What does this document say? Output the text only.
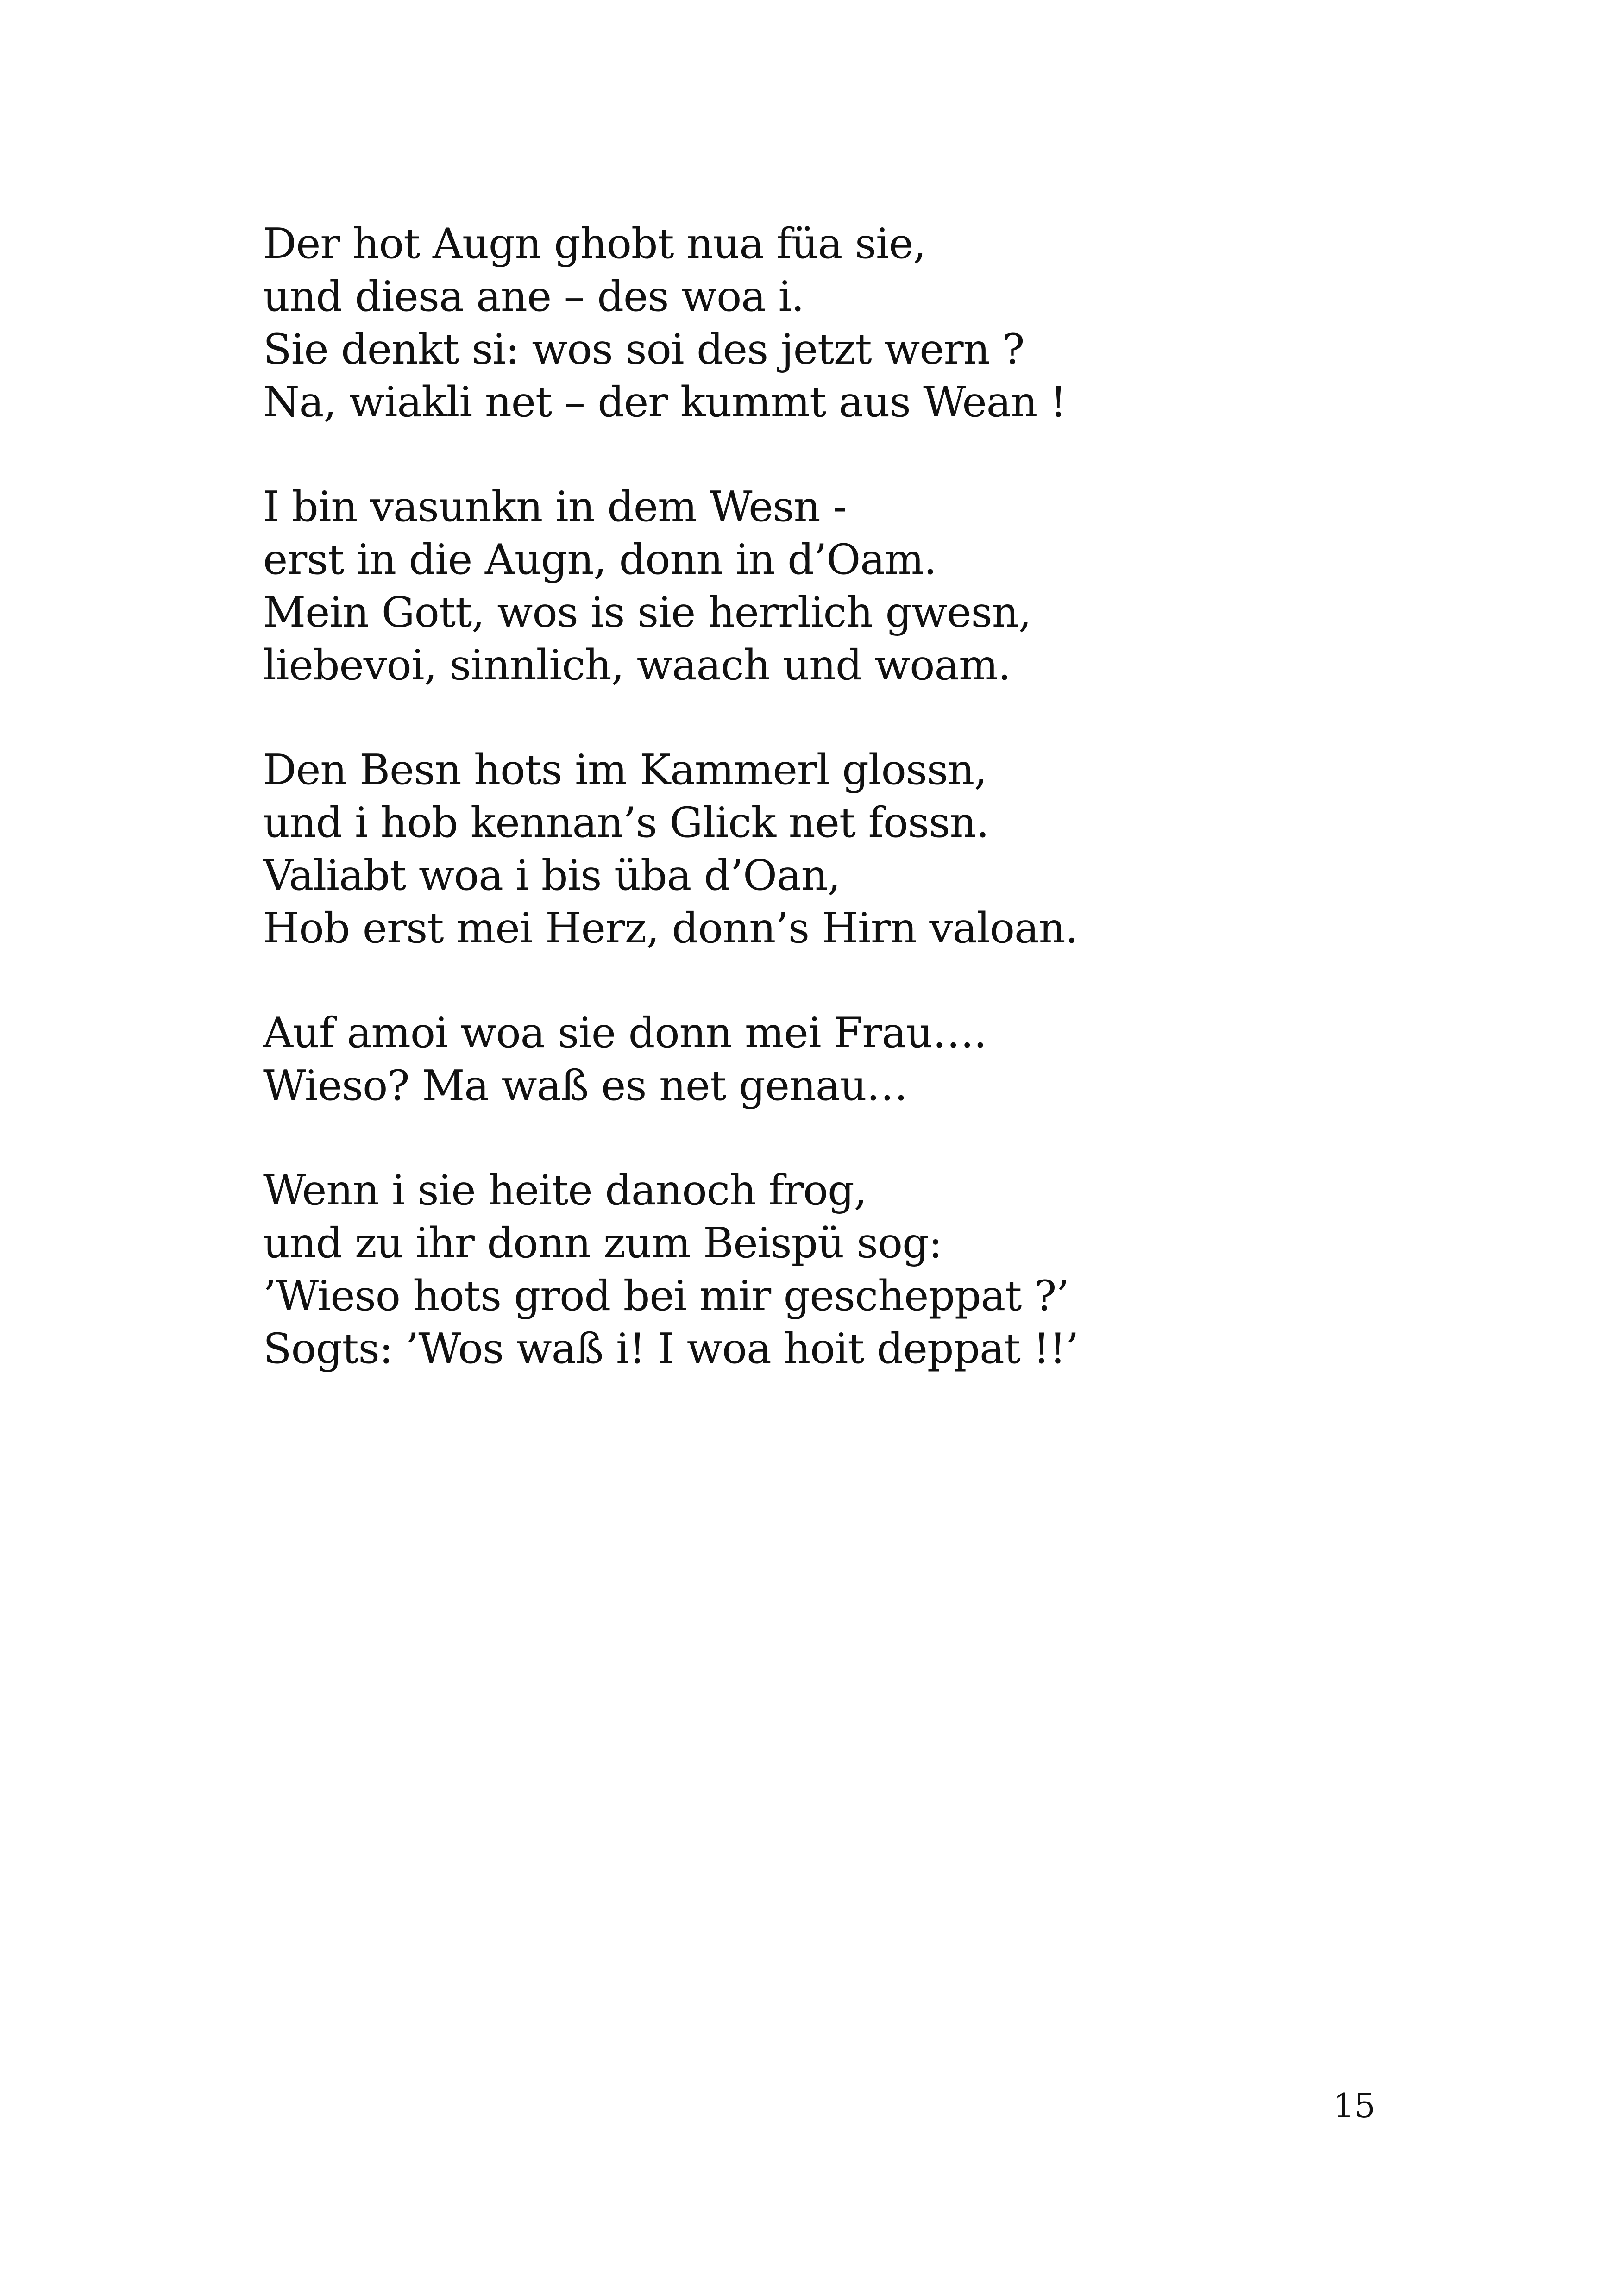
Der hot Augn ghobt nua füa sie,
und diesa ane – des woa i.
Sie denkt si: wos soi des jetzt wern ?
Na, wiakli net – der kummt aus Wean !
I bin vasunkn in dem Wesn -
erst in die Augn, donn in d’Oam.
Mein Gott, wos is sie herrlich gwesn,
liebevoi, sinnlich, waach und woam.
Den Besn hots im Kammerl glossn,
und i hob kennan’s Glick net fossn.
Valiabt woa i bis üba d’Oan,
Hob erst mei Herz, donn’s Hirn valoan.
Auf amoi woa sie donn mei Frau….
Wieso? Ma waß es net genau…
Wenn i sie heite danoch frog,
und zu ihr donn zum Beispü sog:
’Wieso hots grod bei mir gescheppat ?’
Sogts: ’Wos waß i! I woa hoit deppat !!’
15
